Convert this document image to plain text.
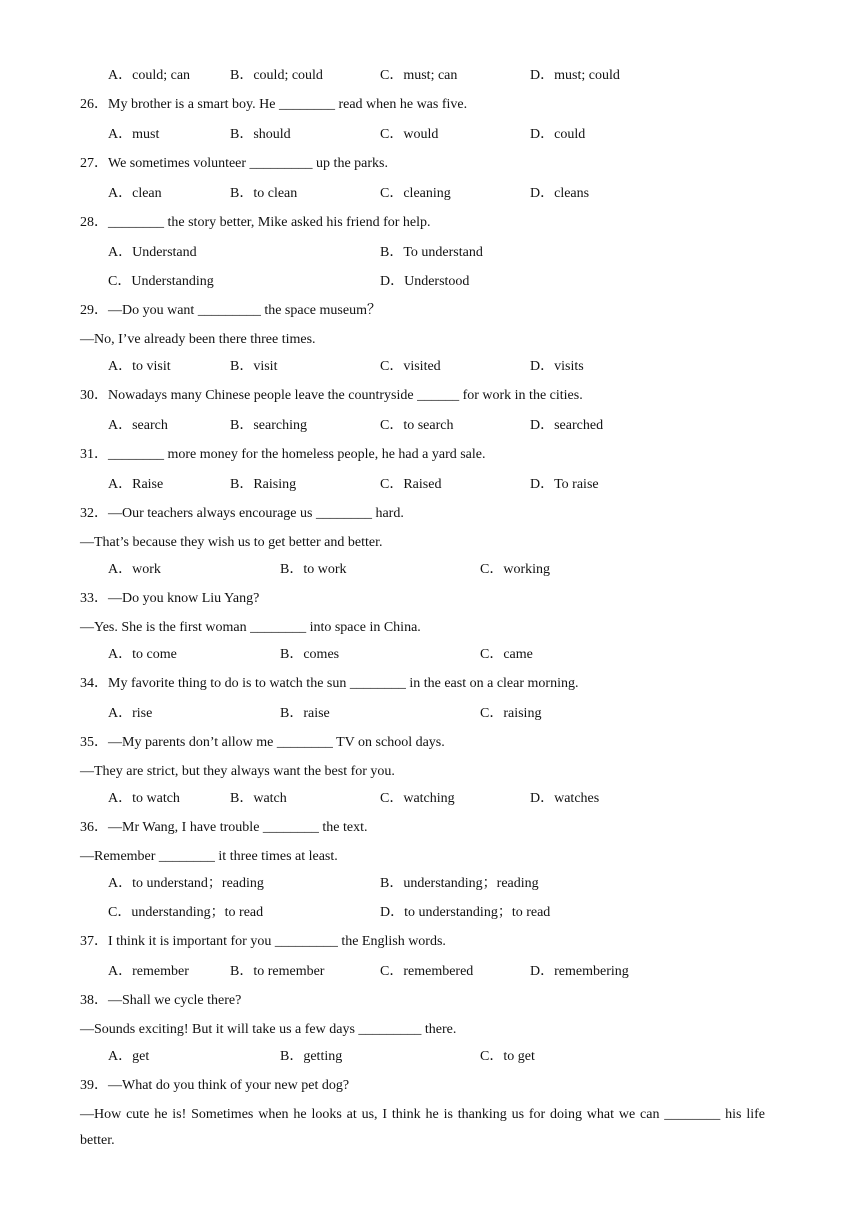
A．could; can	B．could; could	C．must; can	D．must; could
26．My brother is a smart boy. He ________ read when he was five.
A．must	B．should	C．would	D．could
27．We sometimes volunteer _________ up the parks.
A．clean	B．to clean	C．cleaning	D．cleans
28．________ the story better, Mike asked his friend for help.
A．Understand	B．To understand
C．Understanding	D．Understood
29．—Do you want _________ the space museum？
—No, I’ve already been there three times.
A．to visit	B．visit	C．visited	D．visits
30．Nowadays many Chinese people leave the countryside ______ for work in the cities.
A．search	B．searching	C．to search	D．searched
31．________ more money for the homeless people, he had a yard sale.
A．Raise	B．Raising	C．Raised	D．To raise
32．—Our teachers always encourage us ________ hard.
—That’s because they wish us to get better and better.
A．work	B．to work	C．working
33．—Do you know Liu Yang?
—Yes. She is the first woman ________ into space in China.
A．to come	B．comes	C．came
34．My favorite thing to do is to watch the sun ________ in the east on a clear morning.
A．rise	B．raise	C．raising
35．—My parents don’t allow me ________ TV on school days.
—They are strict, but they always want the best for you.
A．to watch	B．watch	C．watching	D．watches
36．—Mr Wang, I have trouble ________ the text.
—Remember ________ it three times at least.
A．to understand；reading	B．understanding；reading
C．understanding；to read	D．to understanding；to read
37．I think it is important for you _________ the English words.
A．remember	B．to remember	C．remembered	D．remembering
38．—Shall we cycle there?
—Sounds exciting! But it will take us a few days _________ there.
A．get	B．getting	C．to get
39．—What do you think of your new pet dog?
—How cute he is! Sometimes when he looks at us, I think he is thanking us for doing what we can ________ his life better.
